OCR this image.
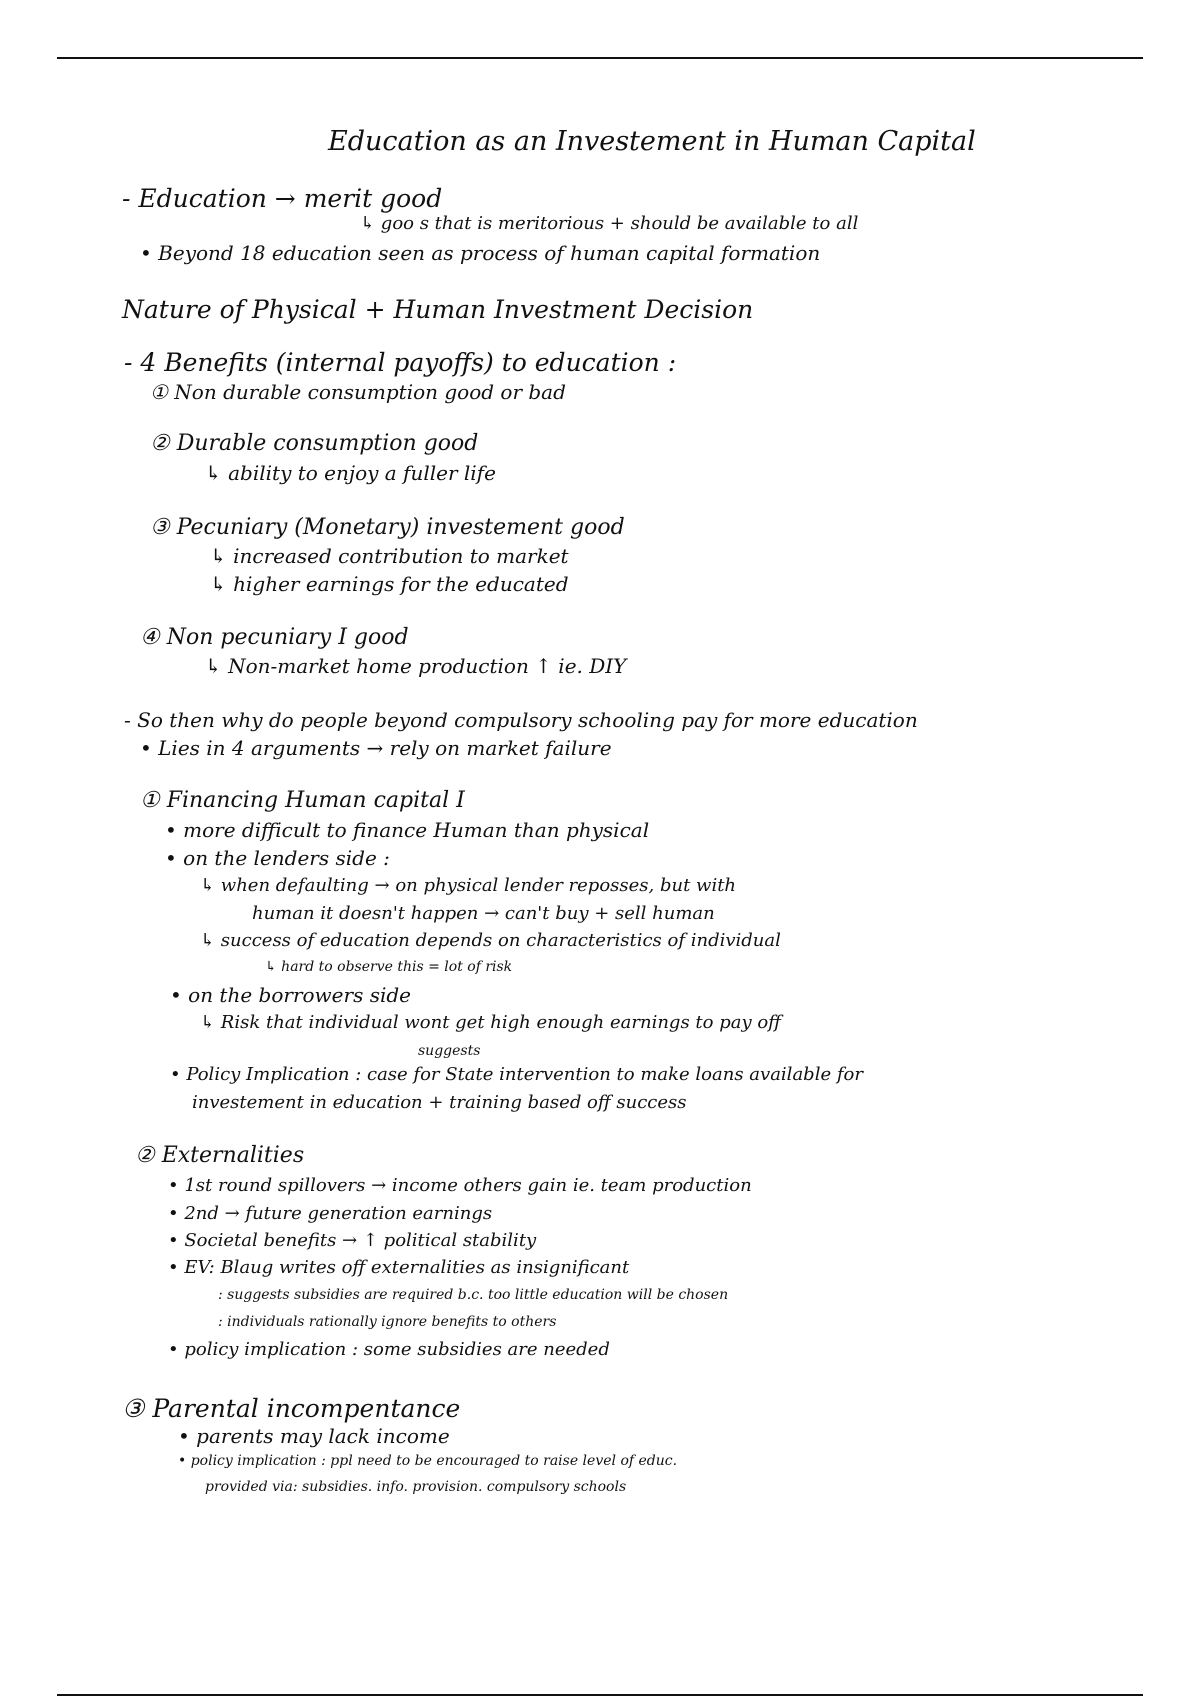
Education as an Investement in Human Capital
- Education → merit good
↳ goo s that is meritorious + should be available to all
• Beyond 18 education seen as process of human capital formation
Nature of Physical + Human Investment Decision
- 4 Benefits (internal payoffs) to education :
① Non durable consumption good or bad
② Durable consumption good
↳ ability to enjoy a fuller life
③ Pecuniary (Monetary) investement good
↳ increased contribution to market
↳ higher earnings for the educated
④ Non pecuniary I good
↳ Non-market home production ↑ ie. DIY
- So then why do people beyond compulsory schooling pay for more education
• Lies in 4 arguments → rely on market failure
① Financing Human capital I
• more difficult to finance Human than physical
• on the lenders side :
↳ when defaulting → on physical lender reposses, but with
human it doesn't happen → can't buy + sell human
↳ success of education depends on characteristics of individual
↳ hard to observe this = lot of risk
• on the borrowers side
↳ Risk that individual wont get high enough earnings to pay off
suggests
• Policy Implication : case for State intervention to make loans available for
investement in education + training based off success
② Externalities
• 1st round spillovers → income others gain ie. team production
• 2nd → future generation earnings
• Societal benefits → ↑ political stability
• EV: Blaug writes off externalities as insignificant
: suggests subsidies are required b.c. too little education will be chosen
: individuals rationally ignore benefits to others
• policy implication : some subsidies are needed
③ Parental incompentance
• parents may lack income
• policy implication : ppl need to be encouraged to raise level of educ.
provided via: subsidies. info. provision. compulsory schools
